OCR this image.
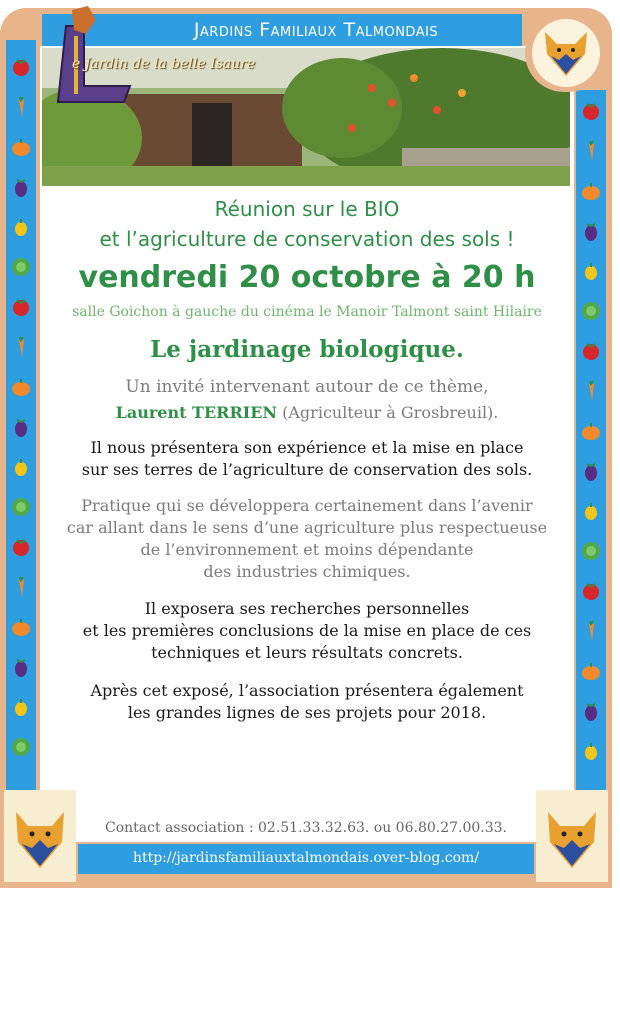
Jardins Familiaux Talmondais
e Jardin de la belle Isaure
Réunion sur le BIO
et l’agriculture de conservation des sols !
vendredi 20 octobre à 20 h
salle Goichon à gauche du cinéma le Manoir Talmont saint Hilaire
Le jardinage biologique.
Un invité intervenant autour de ce thème,
Laurent TERRIEN (Agriculteur à Grosbreuil).
Il nous présentera son expérience et la mise en place
sur ses terres de l’agriculture de conservation des sols.
Pratique qui se développera certainement dans l’avenir
car allant dans le sens d’une agriculture plus respectueuse
de l’environnement et moins dépendante
des industries chimiques.
Il exposera ses recherches personnelles
et les premières conclusions de la mise en place de ces
techniques et leurs résultats concrets.
Après cet exposé, l’association présentera également
les grandes lignes de ses projets pour 2018.
Contact association : 02.51.33.32.63. ou 06.80.27.00.33.
http://jardinsfamiliauxtalmondais.over-blog.com/
